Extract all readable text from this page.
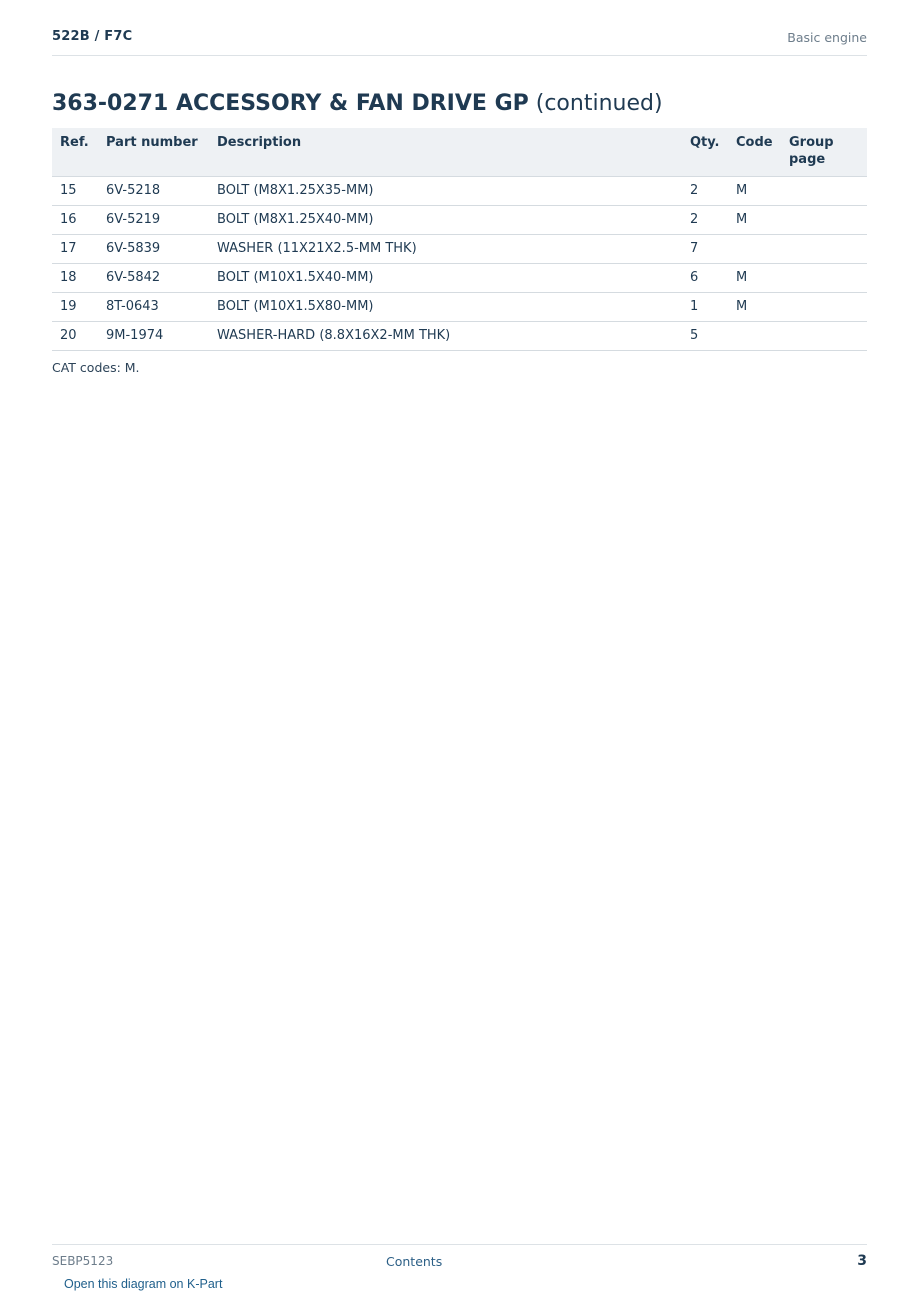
522B / F7C	Basic engine
363-0271 ACCESSORY & FAN DRIVE GP (continued)
Ref.	Part number	Description	Qty.	Code	Group page
15	6V-5218	BOLT (M8X1.25X35-MM)	2	M	
16	6V-5219	BOLT (M8X1.25X40-MM)	2	M	
17	6V-5839	WASHER (11X21X2.5-MM THK)	7		
18	6V-5842	BOLT (M10X1.5X40-MM)	6	M	
19	8T-0643	BOLT (M10X1.5X80-MM)	1	M	
20	9M-1974	WASHER-HARD (8.8X16X2-MM THK)	5		
CAT codes: M.
SEBP5123	Contents	3
Open this diagram on K-Part
